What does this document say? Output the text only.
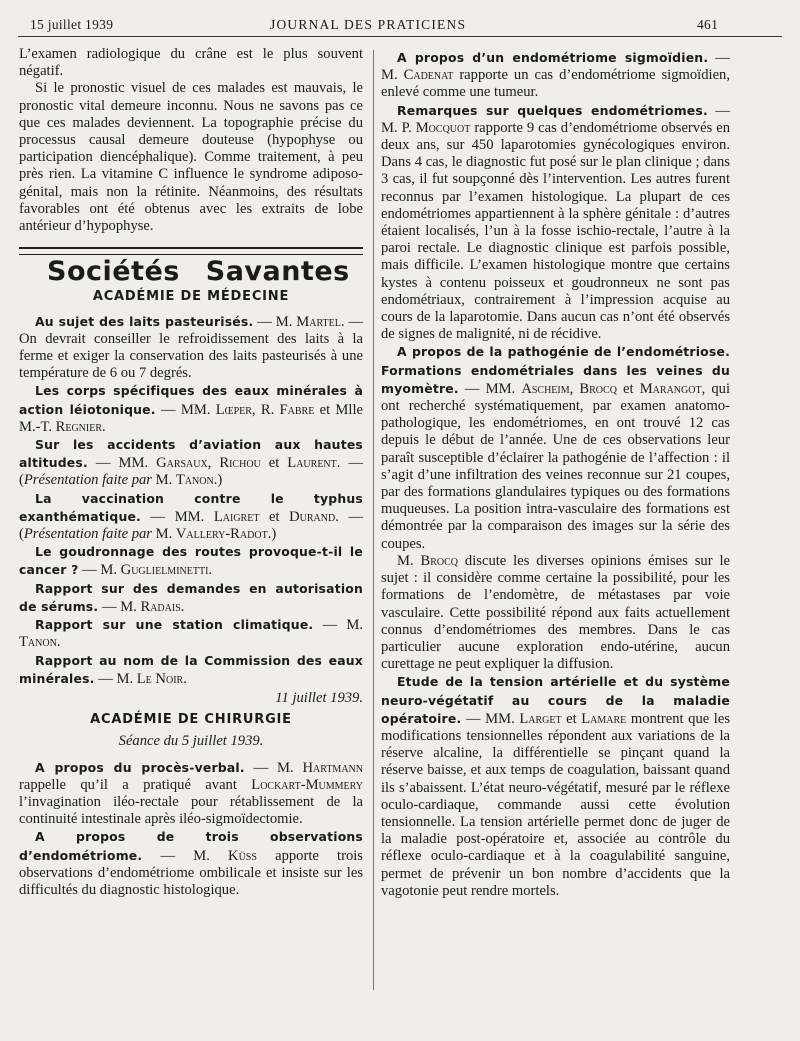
15 juillet 1939	JOURNAL DES PRATICIENS	461

L’examen radiologique du crâne est le plus souvent négatif.

Si le pronostic visuel de ces malades est mauvais, le pronostic vital demeure inconnu. Nous ne savons pas ce que ces malades deviennent. La topographie précise du processus causal demeure douteuse (hypophyse ou participation diencéphalique). Comme traitement, à peu près rien. La vitamine C influence le syndrome adiposo-génital, mais non la rétinite. Néanmoins, des résultats favorables ont été obtenus avec les extraits de lobe antérieur d’hypophyse.

Sociétés Savantes
ACADÉMIE DE MÉDECINE

Au sujet des laits pasteurisés. — M. Martel. — On devrait conseiller le refroidissement des laits à la ferme et exiger la conservation des laits pasteurisés à une température de 6 ou 7 degrés.

Les corps spécifiques des eaux minérales à action léiotonique. — MM. Lœper, R. Fabre et Mlle M.-T. Regnier.

Sur les accidents d’aviation aux hautes altitudes. — MM. Garsaux, Richou et Laurent. — (Présentation faite par M. Tanon.)

La vaccination contre le typhus exanthématique. — MM. Laigret et Durand. — (Présentation faite par M. Vallery-Radot.)

Le goudronnage des routes provoque-t-il le cancer ? — M. Guglielminetti.

Rapport sur des demandes en autorisation de sérums. — M. Radais.

Rapport sur une station climatique. — M. Tanon.

Rapport au nom de la Commission des eaux minérales. — M. Le Noir.

11 juillet 1939.

ACADÉMIE DE CHIRURGIE
Séance du 5 juillet 1939.

A propos du procès-verbal. — M. Hartmann rappelle qu’il a pratiqué avant Lockart-Mummery l’invagination iléo-rectale pour rétablissement de la continuité intestinale après iléo-sigmoïdectomie.

A propos de trois observations d’endométriome. — M. Küss apporte trois observations d’endométriome ombilicale et insiste sur les difficultés du diagnostic histologique.

A propos d’un endométriome sigmoïdien. — M. Cadenat rapporte un cas d’endométriome sigmoïdien, enlevé comme une tumeur.

Remarques sur quelques endométriomes. — M. P. Mocquot rapporte 9 cas d’endométriome observés en deux ans, sur 450 laparotomies gynécologiques environ. Dans 4 cas, le diagnostic fut posé sur le plan clinique ; dans 3 cas, il fut soupçonné dès l’intervention. Les autres furent reconnus par l’examen histologique. La plupart de ces endométriomes appartiennent à la sphère génitale : d’autres étaient localisés, l’un à la fosse ischio-rectale, l’autre à la paroi rectale. Le diagnostic clinique est parfois possible, mais difficile. L’examen histologique montre que certains kystes à contenu poisseux et goudronneux ne sont pas endométriaux, contrairement à l’impression acquise au cours de la laparotomie. Dans aucun cas n’ont été observés de signes de malignité, ni de récidive.

A propos de la pathogénie de l’endométriose. Formations endométriales dans les veines du myomètre. — MM. Ascheim, Brocq et Marangot, qui ont recherché systématiquement, par examen anatomo-pathologique, les endométriomes, en ont trouvé 12 cas depuis le début de l’année. Une de ces observations leur paraît susceptible d’éclairer la pathogénie de l’affection : il s’agit d’une infiltration des veines reconnue sur 21 coupes, par des formations glandulaires typiques ou des formations muqueuses. La position intra-vasculaire des formations est démontrée par la comparaison des images sur la série des coupes.

M. Brocq discute les diverses opinions émises sur le sujet : il considère comme certaine la possibilité, pour les formations de l’endomètre, de métastases par voie vasculaire. Cette possibilité répond aux faits actuellement connus d’endométriomes des membres. Dans le cas particulier aucune exploration endo-utérine, aucun curettage ne peut expliquer la diffusion.

Etude de la tension artérielle et du système neuro-végétatif au cours de la maladie opératoire. — MM. Larget et Lamare montrent que les modifications tensionnelles répondent aux variations de la réserve alcaline, la différentielle se pinçant quand la réserve baisse, et aux temps de coagulation, baissant quand ils s’abaissent. L’état neuro-végétatif, mesuré par le réflexe oculo-cardiaque, commande aussi cette évolution tensionnelle. La tension artérielle permet donc de juger de la maladie post-opératoire et, associée au contrôle du réflexe oculo-cardiaque et à la coagulabilité sanguine, permet de prévenir un bon nombre d’accidents que la vagotonie peut rendre mortels.
